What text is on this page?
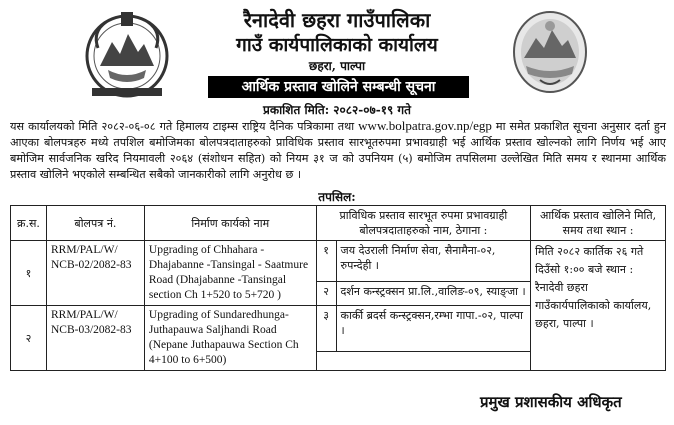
रैनादेवी छहरा गाउँपालिका
गाउँ कार्यपालिकाको कार्यालय
छहरा, पाल्पा
आर्थिक प्रस्ताव खोलिने सम्बन्धी सूचना
प्रकाशित मिति: २०८२-०७-१९ गते
यस कार्यालयको मिति २०८२-०६-०८ गते हिमालय टाइम्स राष्ट्रिय दैनिक पत्रिकामा तथा www.bolpatra.gov.np/egp मा समेत प्रकाशित सूचना अनुसार दर्ता हुन आएका बोलपत्रहरु मध्ये तपशिल बमोजिमका बोलपत्रदाताहरुको प्राविधिक प्रस्ताव सारभूतरुपमा प्रभावग्राही भई आर्थिक प्रस्ताव खोल्नको लागि निर्णय भई आए बमोजिम सार्वजनिक खरिद नियमावली २०६४ (संशोधन सहित) को नियम ३१ ज को उपनियम (५) बमोजिम तपसिलमा उल्लेखित मिति समय र स्थानमा आर्थिक प्रस्ताव खोलिने भएकोले सम्बन्धित सबैको जानकारीको लागि अनुरोध छ ।
तपसिल:
क्र.स.	बोलपत्र नं.	निर्माण कार्यको नाम	प्राविधिक प्रस्ताव सारभूत रुपमा प्रभावग्राही बोलपत्रदाताहरुको नाम, ठेगाना :		आर्थिक प्रस्ताव खोलिने मिति, समय तथा स्थान :
१	RRM/PAL/W/ NCB-02/2082-83	Upgrading of Chhahara - Dhajabanne -Tansingal - Saatmure Road (Dhajabanne -Tansingal section Ch 1+520 to 5+720 )	१	जय देउराली निर्माण सेवा, सैनामैना-०२, रुपन्देही ।	मिति २०८२ कार्तिक २६ गते दिउँसो १:०० बजे स्थान : रैनादेवी छहरा गाउँकार्यपालिकाको कार्यालय, छहरा, पाल्पा ।
			२	दर्शन कन्स्ट्रक्सन प्रा.लि.,वालिङ-०९, स्याङ्जा ।	
२	RRM/PAL/W/ NCB-03/2082-83	Upgrading of Sundaredhunga-Juthapauwa Saljhandi Road (Nepane Juthapauwa Section Ch 4+100 to 6+500)	३	कार्की ब्रदर्स कन्स्ट्रक्सन,रम्भा गापा.-०२, पाल्पा ।	

प्रमुख प्रशासकीय अधिकृत
